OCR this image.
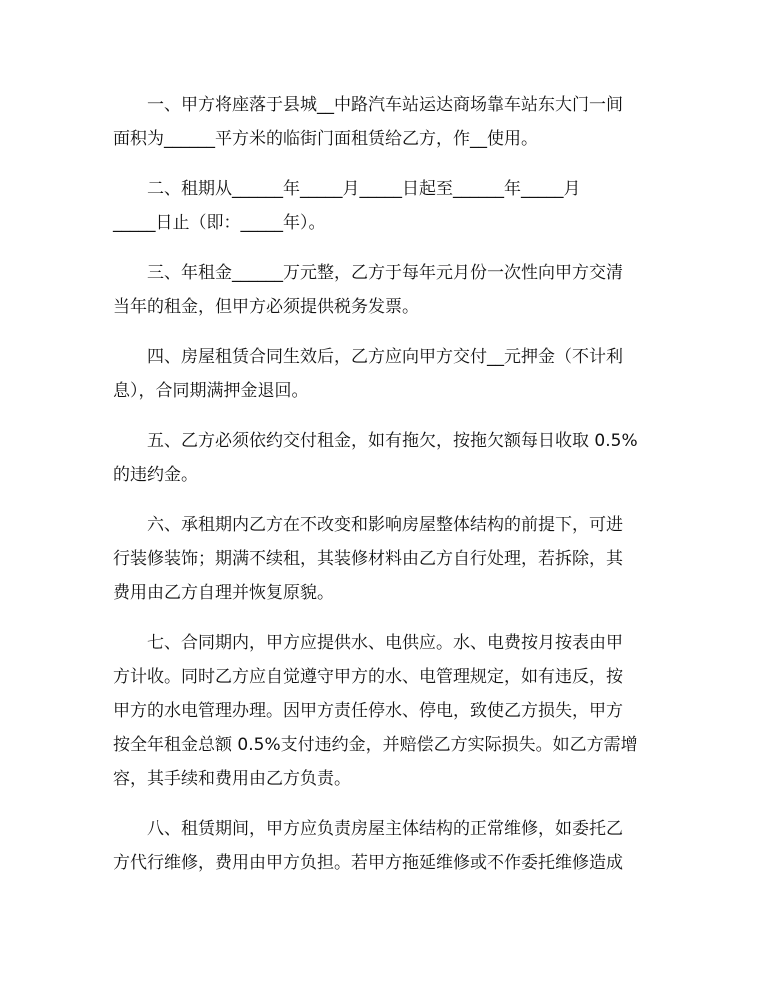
一、甲方将座落于县城__中路汽车站运达商场靠车站东大门一间
面积为______平方米的临街门面租赁给乙方，作__使用。
二、租期从______年_____月_____日起至______年_____月
_____日止（即：_____年）。
三、年租金______万元整，乙方于每年元月份一次性向甲方交清
当年的租金，但甲方必须提供税务发票。
四、房屋租赁合同生效后，乙方应向甲方交付__元押金（不计利
息），合同期满押金退回。
五、乙方必须依约交付租金，如有拖欠，按拖欠额每日收取 0.5%
的违约金。
六、承租期内乙方在不改变和影响房屋整体结构的前提下，可进
行装修装饰；期满不续租，其装修材料由乙方自行处理，若拆除，其
费用由乙方自理并恢复原貌。
七、合同期内，甲方应提供水、电供应。水、电费按月按表由甲
方计收。同时乙方应自觉遵守甲方的水、电管理规定，如有违反，按
甲方的水电管理办理。因甲方责任停水、停电，致使乙方损失，甲方
按全年租金总额 0.5%支付违约金，并赔偿乙方实际损失。如乙方需增
容，其手续和费用由乙方负责。
八、租赁期间，甲方应负责房屋主体结构的正常维修，如委托乙
方代行维修，费用由甲方负担。若甲方拖延维修或不作委托维修造成
